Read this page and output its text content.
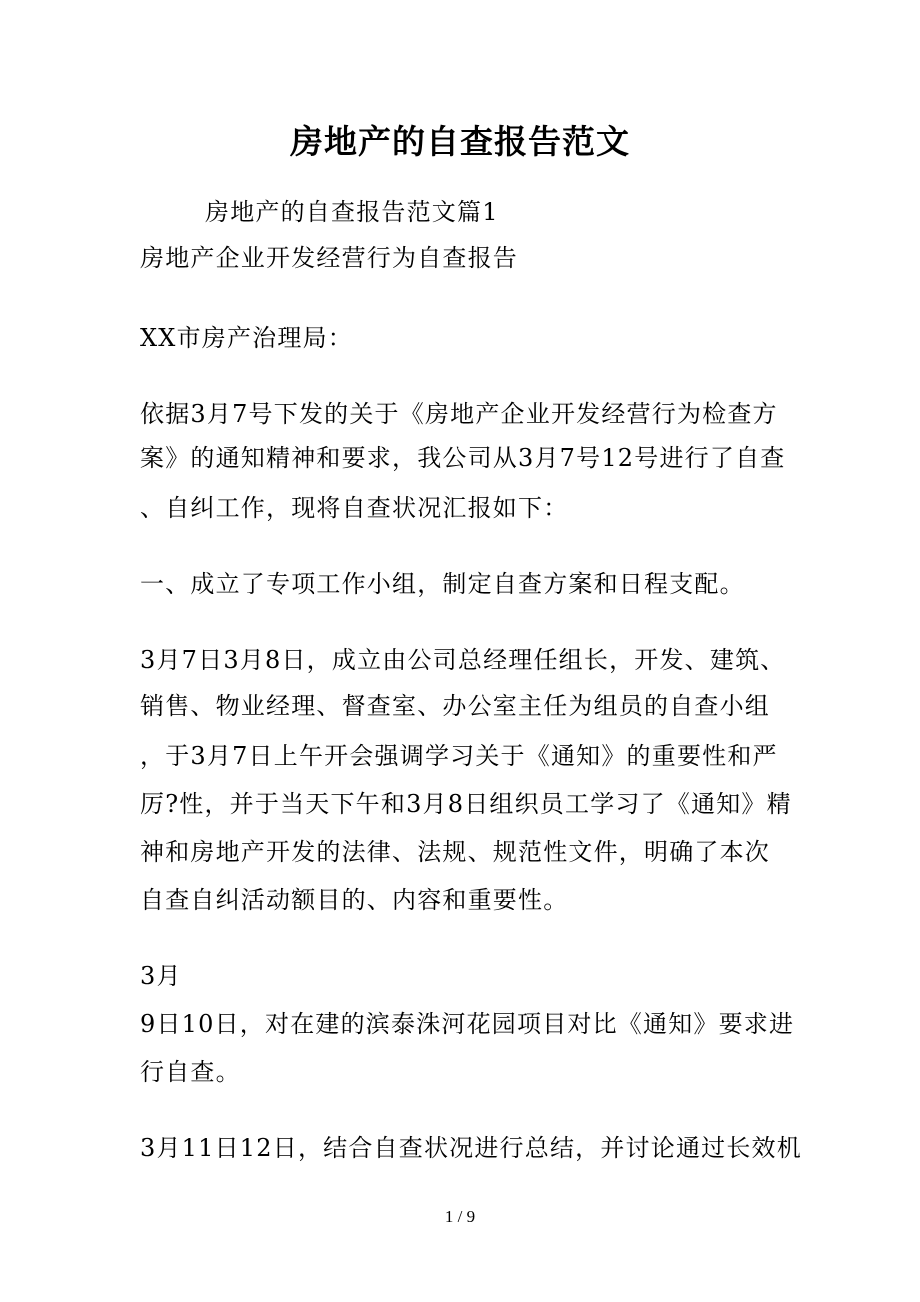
房地产的自查报告范文
房地产的自查报告范文篇1
房地产企业开发经营行为自查报告
XX市房产治理局：
依据3月7号下发的关于《房地产企业开发经营行为检查方
案》的通知精神和要求，我公司从3月7号12号进行了自查
、自纠工作，现将自查状况汇报如下：
一、成立了专项工作小组，制定自查方案和日程支配。
3月7日3月8日，成立由公司总经理任组长，开发、建筑、
销售、物业经理、督查室、办公室主任为组员的自查小组
，于3月7日上午开会强调学习关于《通知》的重要性和严
厉?性，并于当天下午和3月8日组织员工学习了《通知》精
神和房地产开发的法律、法规、规范性文件，明确了本次
自查自纠活动额目的、内容和重要性。
3月
9日10日，对在建的滨泰洙河花园项目对比《通知》要求进
行自查。
3月11日12日，结合自查状况进行总结，并讨论通过长效机
1 / 9
